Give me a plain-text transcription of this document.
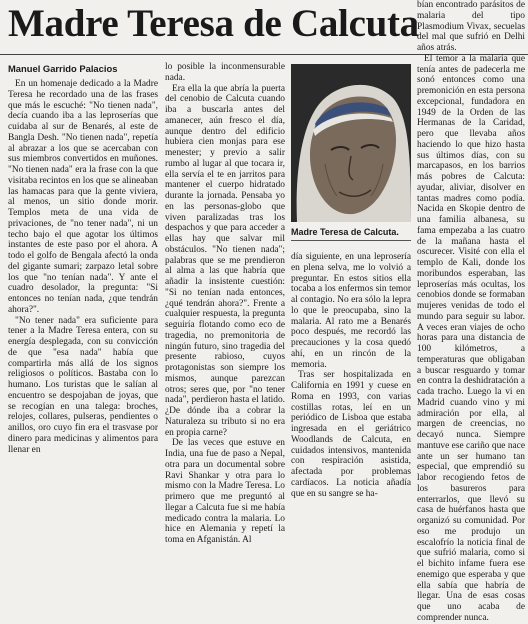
Madre Teresa de Calcuta
Manuel Garrido Palacios

En un homenaje dedicado a la Madre Teresa he recordado una de las frases que más le escuché: "No tienen nada", decía cuando iba a las leproserías que cuidaba al sur de Benarés, al este de Bangla Desh. "No tienen nada", repetía al abrazar a los que se acercaban con sus miembros convertidos en muñones. "No tienen nada" era la frase con la que visitaba recintos en los que se alineaban las hamacas para que la gente viviera, al menos, un sitio donde morir. Templos meta de una vida de privaciones, de "no tener nada", ni un techo bajo el que agotar los últimos instantes de este paso por el ahora. A todo el golfo de Bengala afectó la onda del gigante sumari; zarpazo letal sobre los que "no tenían nada". Y ante el cuadro desolador, la pregunta: "Si entonces no tenían nada, ¿que tendrán ahora?".

"No tener nada" era suficiente para tener a la Madre Teresa entera, con su energía desplegada, con su convicción de que "esa nada" había que compartirla más allá de los signos religiosos o políticos. Bastaba con lo humano. Los turistas que le salían al encuentro se despojaban de joyas, que se recogían en una talega: broches, relojes, collares, pulseras, pendientes o anillos, oro cuyo fin era el trasvase por dinero para medicinas y alimentos para llenar en

lo posible la inconmensurable nada.

Era ella la que abría la puerta del cenobio de Calcuta cuando iba a buscarla antes del amanecer, aún fresco el día, aunque dentro del edificio hubiera cien monjas para ese menester; y previo a salir rumbo al lugar al que tocara ir, ella servía el te en jarritos para mantener el cuerpo hidratado durante la jornada. Pensaba yo en las personas-globo que viven paralizadas tras los despachos y que para acceder a ellas hay que salvar mil obstáculos. "No tienen nada"; palabras que se me prendieron al alma a las que habría que añadir la insistente cuestión: "Si no tenían nada entonces, ¿qué tendrán ahora?". Frente a cualquier respuesta, la pregunta seguiría flotando como eco de tragedia, no premonitoria de ningún futuro, sino tragedia del presente rabioso, cuyos protagonistas son siempre los mismos, aunque parezcan otros; seres que, por "no tener nada", perdieron hasta el latido. ¿De dónde iba a cobrar la Naturaleza su tributo si no era en propia carne?

De las veces que estuve en India, una fue de paso a Nepal, otra para un documental sobre Ravi Shankar y otra para lo mismo con la Madre Teresa. Lo primero que me preguntó al llegar a Calcuta fue si me había medicado contra la malaria. Lo hice en Alemania y repetí la toma en Afganistán. Al

Madre Teresa de Calcuta.

día siguiente, en una leprosería en plena selva, me lo volvió a preguntar. En estos sitios ella tocaba a los enfermos sin temor al contagio. No era sólo la lepra lo que le preocupaba, sino la malaria. Al rato me a Benarés poco después, me recordó las precauciones y la cosa quedó ahí, en un rincón de la memoria.

Tras ser hospitalizada en California en 1991 y cuese en Roma en 1993, con varias costillas rotas, leí en un periódico de Lisboa que estaba ingresada en el geriátrico Woodlands de Calcuta, en cuidados intensivos, mantenida con respiración asistida, afectada por problemas cardíacos. La noticia añadía que en su sangre se ha-

bían encontrado parásitos de malaria del tipo Plasmodium Vivax, secuelas del mal que sufrió en Delhi años atrás.

El temor a la malaria que tenía antes de padecerla me sonó entonces como una premonición en esta persona excepcional, fundadora en 1949 de la Orden de las Hermanas de la Caridad, pero que llevaba años haciendo lo que hizo hasta sus últimos días, con su marcapasos, en los barrios más pobres de Calcuta: ayudar, aliviar, disolver en tantas madres como podía. Nacida en Skopie dentro de una familia albanesa, su fama empezaba a las cuatro de la mañana hasta el oscurecer. Visité con ella el templo de Kali, donde los moribundos esperaban, las leproserías más ocultas, los cenobios donde se formaban mujeres venidas de todo el mundo para seguir su labor. A veces eran viajes de ocho horas para una distancia de 100 kilómetros, a temperaturas que obligaban a buscar resguardo y tomar en contra la deshidratación a cada tracho. Luego la vi en Madrid cuando vino y mi admiración por ella, al margen de creencias, no decayó nunca. Siempre mantuve ese cariño que nace ante un ser humano tan especial, que emprendió su labor recogiendo fetos de los basureros para enterrarlos, que llevó su casa de huérfanos hasta que organizó su comunidad. Por eso me produjo un escalofrío la noticia final de que sufrió malaria, como si el bichito infame fuera ese enemigo que esperaba y que ella sabía que habría de llegar. Una de esas cosas que uno acaba de comprender nunca.
